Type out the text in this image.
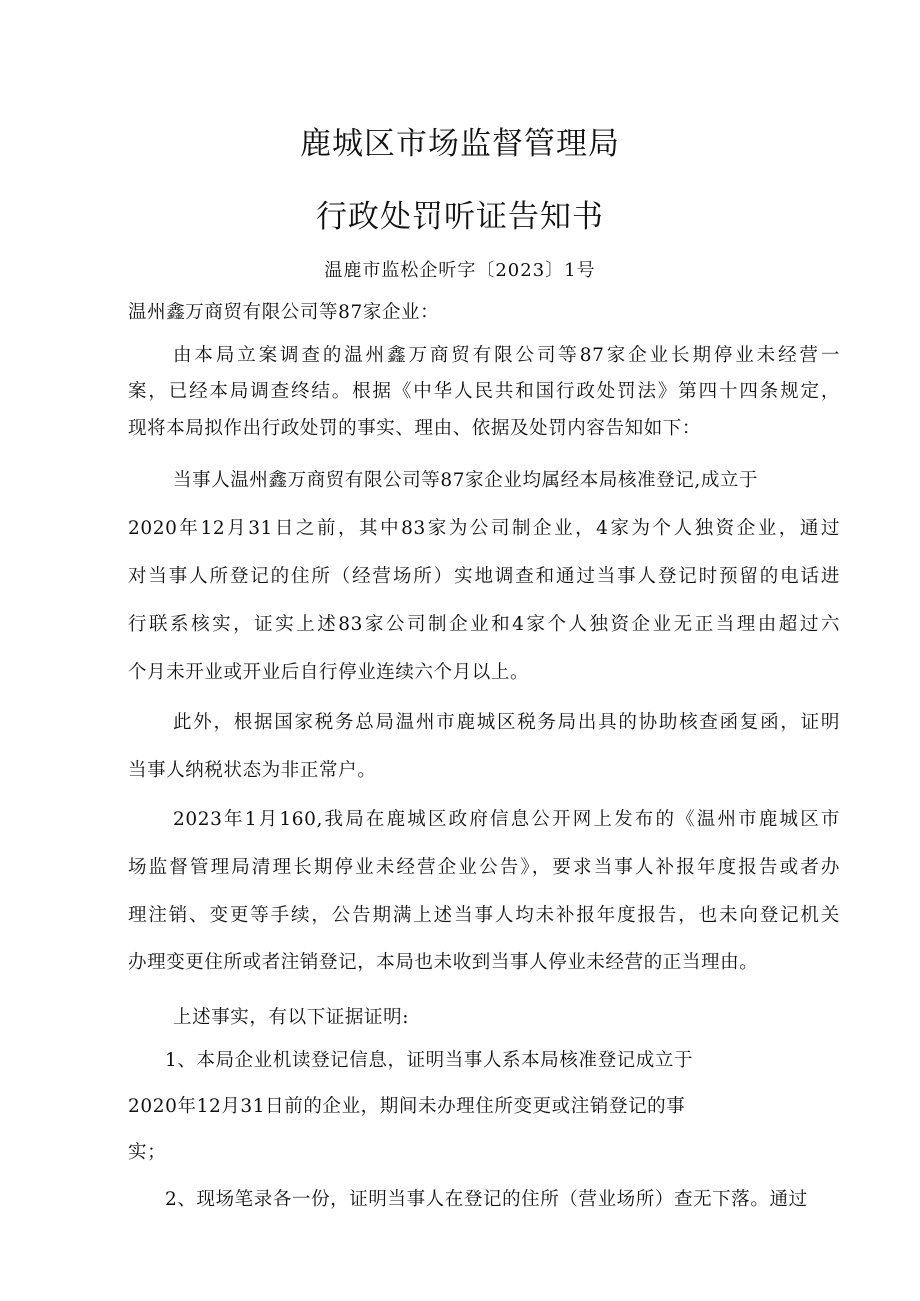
鹿城区市场监督管理局
行政处罚听证告知书
温鹿市监松企听字〔2023〕1号
温州鑫万商贸有限公司等87家企业：
由本局立案调查的温州鑫万商贸有限公司等87家企业长期停业未经营一
案，已经本局调查终结。根据《中华人民共和国行政处罚法》第四十四条规定，
现将本局拟作出行政处罚的事实、理由、依据及处罚内容告知如下：
当事人温州鑫万商贸有限公司等87家企业均属经本局核准登记,成立于
2020年12月31日之前，其中83家为公司制企业，4家为个人独资企业，通过
对当事人所登记的住所（经营场所）实地调查和通过当事人登记时预留的电话进
行联系核实，证实上述83家公司制企业和4家个人独资企业无正当理由超过六
个月未开业或开业后自行停业连续六个月以上。
此外，根据国家税务总局温州市鹿城区税务局出具的协助核查函复函，证明
当事人纳税状态为非正常户。
2023年1月160,我局在鹿城区政府信息公开网上发布的《温州市鹿城区市
场监督管理局清理长期停业未经营企业公告》，要求当事人补报年度报告或者办
理注销、变更等手续，公告期满上述当事人均未补报年度报告，也未向登记机关
办理变更住所或者注销登记，本局也未收到当事人停业未经营的正当理由。
上述事实，有以下证据证明:
1、本局企业机读登记信息，证明当事人系本局核准登记成立于
2020年12月31日前的企业，期间未办理住所变更或注销登记的事
实；
2、现场笔录各一份，证明当事人在登记的住所（营业场所）查无下落。通过
